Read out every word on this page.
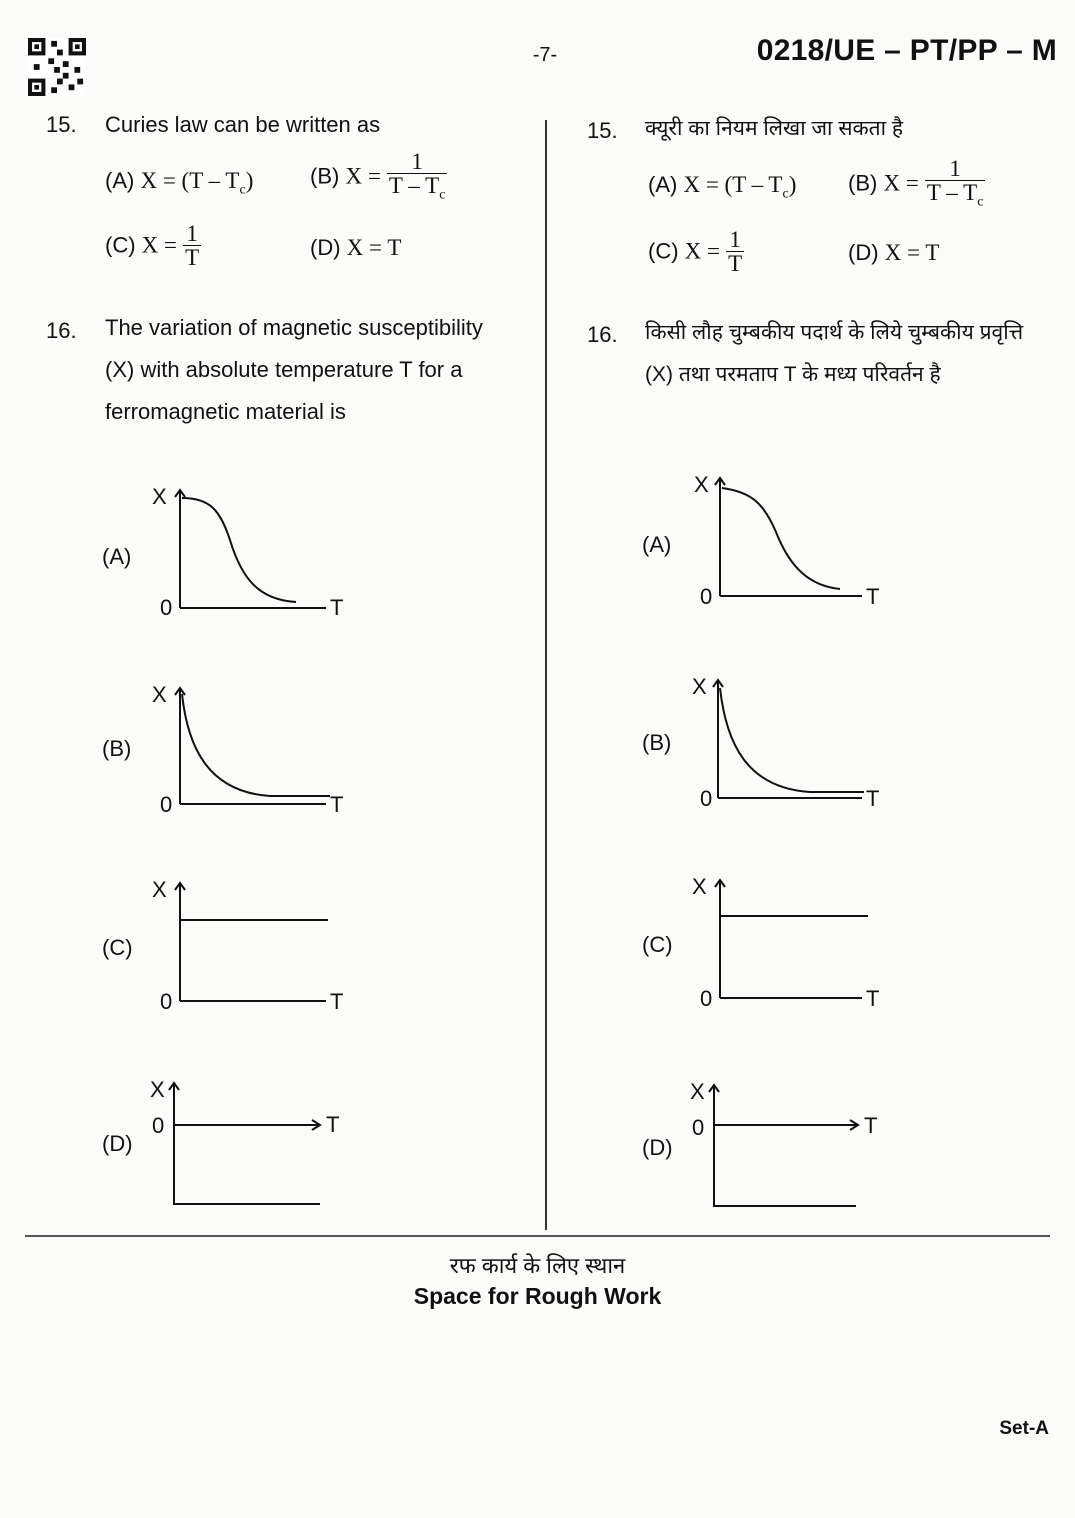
-7-	0218/UE – PT/PP – M
15. Curies law can be written as
(A) $X = (T - T_c)$	(B) $X = \frac{1}{T - T_c}$
(C) $X = \frac{1}{T}$	(D) X = T
16. The variation of magnetic susceptibility
(X) with absolute temperature T for a
ferromagnetic material is
15. क्यूरी का नियम लिखा जा सकता है
(A) $X = (T - T_c)$ (B) $X = \frac{1}{T - T_c}$
(C) $X = \frac{1}{T}$	(D) X = T
16. किसी लौह चुम्बकीय पदार्थ के लिये चुम्बकीय प्रवृत्ति
(X) तथा परमताप T के मध्य परिवर्तन है
X
(A)
0	T
X
(B)
0	T
X
(C)
0	T
X
0
(D)
T
X
(A)
0	T
X
(B)
0	T
X
(C)
0	T
X
0
(D)
T
रफ कार्य के लिए स्थान
Space for Rough Work
Set-A
